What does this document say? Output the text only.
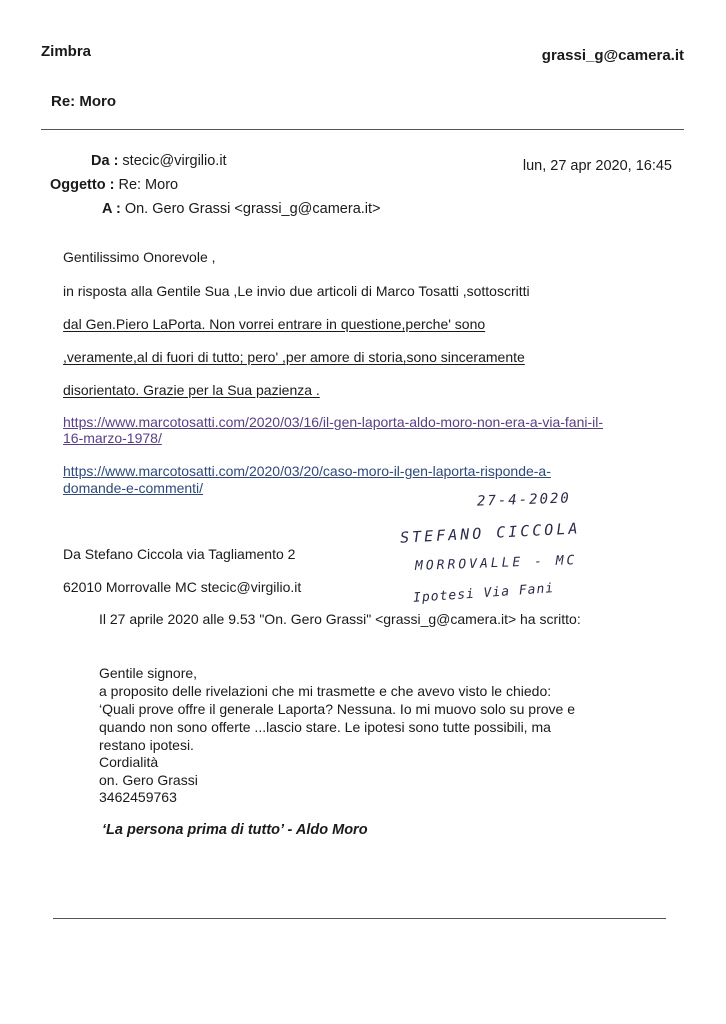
Zimbra	grassi_g@camera.it
Re: Moro
Da : stecic@virgilio.it
Oggetto : Re: Moro
A : On. Gero Grassi <grassi_g@camera.it>
lun, 27 apr 2020, 16:45
Gentilissimo Onorevole ,
in risposta alla Gentile Sua ,Le invio due articoli di Marco Tosatti ,sottoscritti
dal Gen.Piero LaPorta. Non vorrei entrare in questione,perche' sono
,veramente,al di fuori di tutto; pero' ,per amore di storia,sono sinceramente
disorientato. Grazie per la Sua pazienza .
https://www.marcotosatti.com/2020/03/16/il-gen-laporta-aldo-moro-non-era-a-via-fani-il-
16-marzo-1978/
https://www.marcotosatti.com/2020/03/20/caso-moro-il-gen-laporta-risponde-a-
domande-e-commenti/
27-4-2020
STEFANO CICCOLA
MORROVALLE - MC
Ipotesi Via Fani
Da Stefano Ciccola via Tagliamento 2
62010 Morrovalle MC stecic@virgilio.it
Il 27 aprile 2020 alle 9.53 "On. Gero Grassi" <grassi_g@camera.it> ha scritto:
Gentile signore,
a proposito delle rivelazioni che mi trasmette e che avevo visto le chiedo:
‘Quali prove offre il generale Laporta? Nessuna. Io mi muovo solo su prove e
quando non sono offerte ...lascio stare. Le ipotesi sono tutte possibili, ma
restano ipotesi.
Cordialità
on. Gero Grassi
3462459763
‘La persona prima di tutto’ - Aldo Moro
